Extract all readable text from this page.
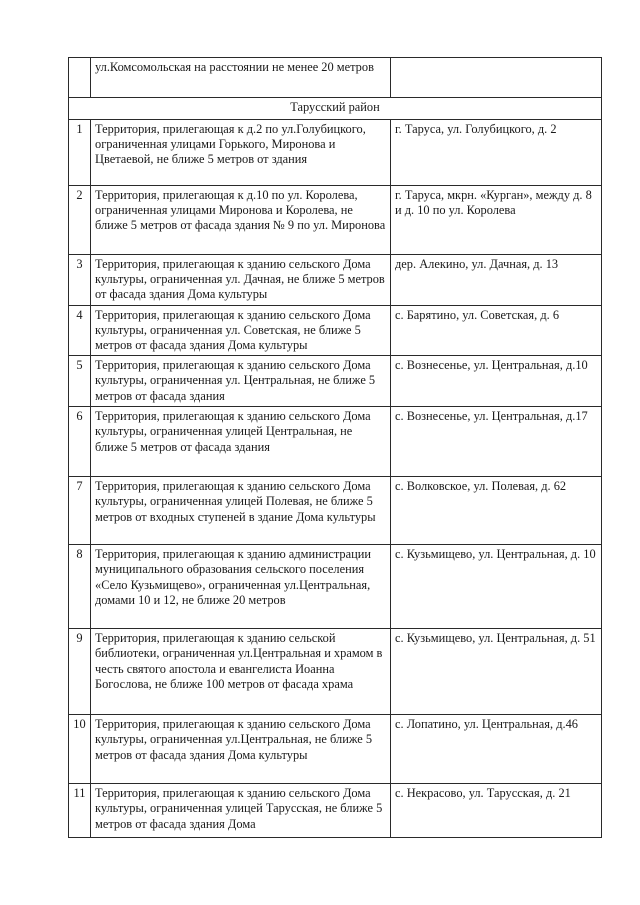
	ул.Комсомольская на расстоянии не менее 20 метров	
Тарусский район		
1	Территория, прилегающая к д.2 по ул.Голубицкого, ограниченная улицами Горького, Миронова и Цветаевой, не ближе 5 метров от здания	г. Таруса, ул. Голубицкого, д. 2
2	Территория, прилегающая к д.10 по ул. Королева, ограниченная улицами Миронова и Королева, не ближе 5 метров от фасада здания № 9 по ул. Миронова	г. Таруса, мкрн. «Курган», между д. 8 и д. 10 по ул. Королева
3	Территория, прилегающая к зданию сельского Дома культуры, ограниченная ул. Дачная, не ближе 5 метров от фасада здания Дома культуры	дер. Алекино, ул. Дачная, д. 13
4	Территория, прилегающая к зданию сельского Дома культуры, ограниченная ул. Советская, не ближе 5 метров от фасада здания Дома культуры	с. Барятино, ул. Советская, д. 6
5	Территория, прилегающая к зданию сельского Дома культуры, ограниченная ул. Центральная, не ближе 5 метров от фасада здания	с. Вознесенье, ул. Центральная, д.10
6	Территория, прилегающая к зданию сельского Дома культуры, ограниченная улицей Центральная, не ближе 5 метров от фасада здания	с. Вознесенье, ул. Центральная, д.17
7	Территория, прилегающая к зданию сельского Дома культуры, ограниченная улицей Полевая, не ближе 5 метров от входных ступеней в здание Дома культуры	с. Волковское, ул. Полевая, д. 62
8	Территория, прилегающая к зданию администрации муниципального образования сельского поселения «Село Кузьмищево», ограниченная ул.Центральная, домами 10 и 12, не ближе 20 метров	с. Кузьмищево, ул. Центральная, д. 10
9	Территория, прилегающая к зданию сельской библиотеки, ограниченная ул.Центральная и храмом в честь святого апостола и евангелиста Иоанна Богослова, не ближе 100 метров от фасада храма	с. Кузьмищево, ул. Центральная, д. 51
10	Территория, прилегающая к зданию сельского Дома культуры, ограниченная ул.Центральная, не ближе 5 метров от фасада здания Дома культуры	с. Лопатино, ул. Центральная, д.46
11	Территория, прилегающая к зданию сельского Дома культуры, ограниченная улицей Тарусская, не ближе 5 метров от фасада здания Дома	с. Некрасово, ул. Тарусская, д. 21
